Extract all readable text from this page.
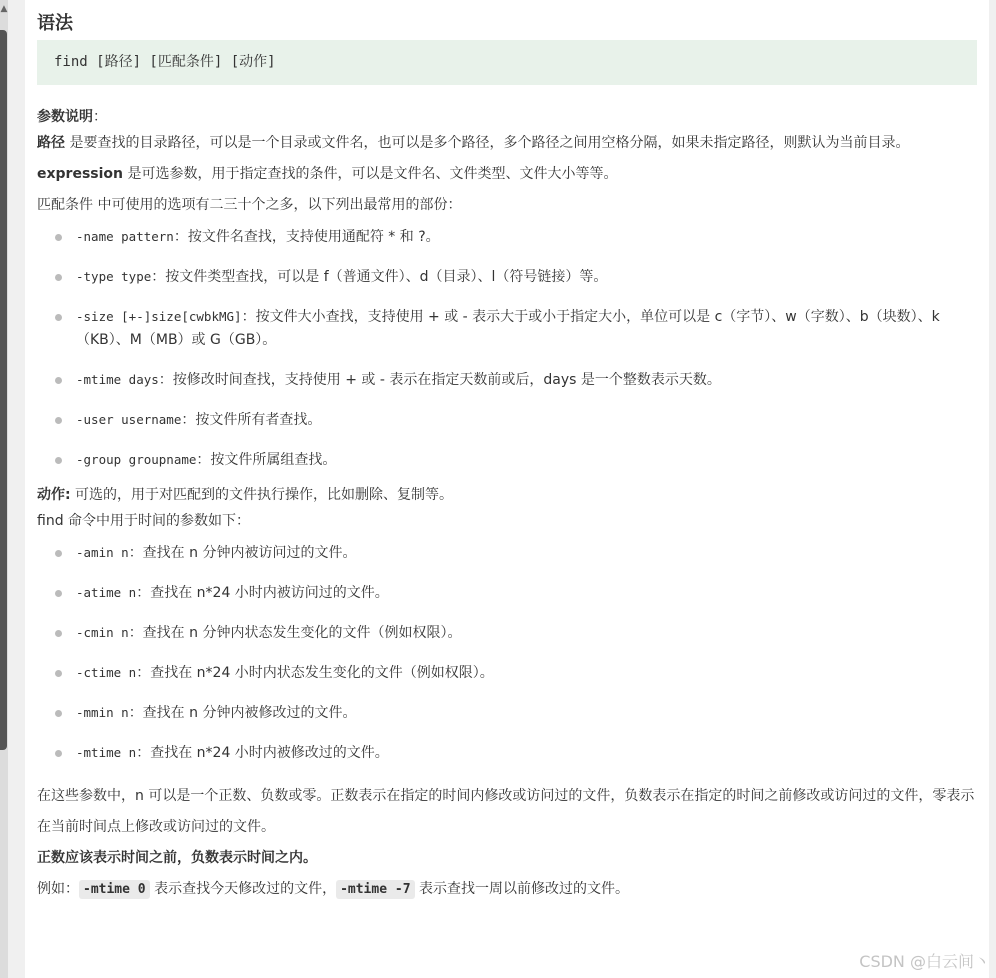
▲
语法
find [路径] [匹配条件] [动作]
参数说明：
路径 是要查找的目录路径，可以是一个目录或文件名，也可以是多个路径，多个路径之间用空格分隔，如果未指定路径，则默认为当前目录。
expression 是可选参数，用于指定查找的条件，可以是文件名、文件类型、文件大小等等。
匹配条件 中可使用的选项有二三十个之多，以下列出最常用的部份：
-name pattern：按文件名查找，支持使用通配符 * 和 ?。
-type type：按文件类型查找，可以是 f（普通文件）、d（目录）、l（符号链接）等。
-size [+-]size[cwbkMG]：按文件大小查找，支持使用 + 或 - 表示大于或小于指定大小，单位可以是 c（字节）、w（字数）、b（块数）、k（KB）、M（MB）或 G（GB）。
-mtime days：按修改时间查找，支持使用 + 或 - 表示在指定天数前或后，days 是一个整数表示天数。
-user username：按文件所有者查找。
-group groupname：按文件所属组查找。
动作: 可选的，用于对匹配到的文件执行操作，比如删除、复制等。
find 命令中用于时间的参数如下：
-amin n：查找在 n 分钟内被访问过的文件。
-atime n：查找在 n*24 小时内被访问过的文件。
-cmin n：查找在 n 分钟内状态发生变化的文件（例如权限）。
-ctime n：查找在 n*24 小时内状态发生变化的文件（例如权限）。
-mmin n：查找在 n 分钟内被修改过的文件。
-mtime n：查找在 n*24 小时内被修改过的文件。
在这些参数中，n 可以是一个正数、负数或零。正数表示在指定的时间内修改或访问过的文件，负数表示在指定的时间之前修改或访问过的文件，零表示在当前时间点上修改或访问过的文件。
正数应该表示时间之前，负数表示时间之内。
例如： -mtime 0 表示查找今天修改过的文件， -mtime -7 表示查找一周以前修改过的文件。
CSDN @白云间丶
